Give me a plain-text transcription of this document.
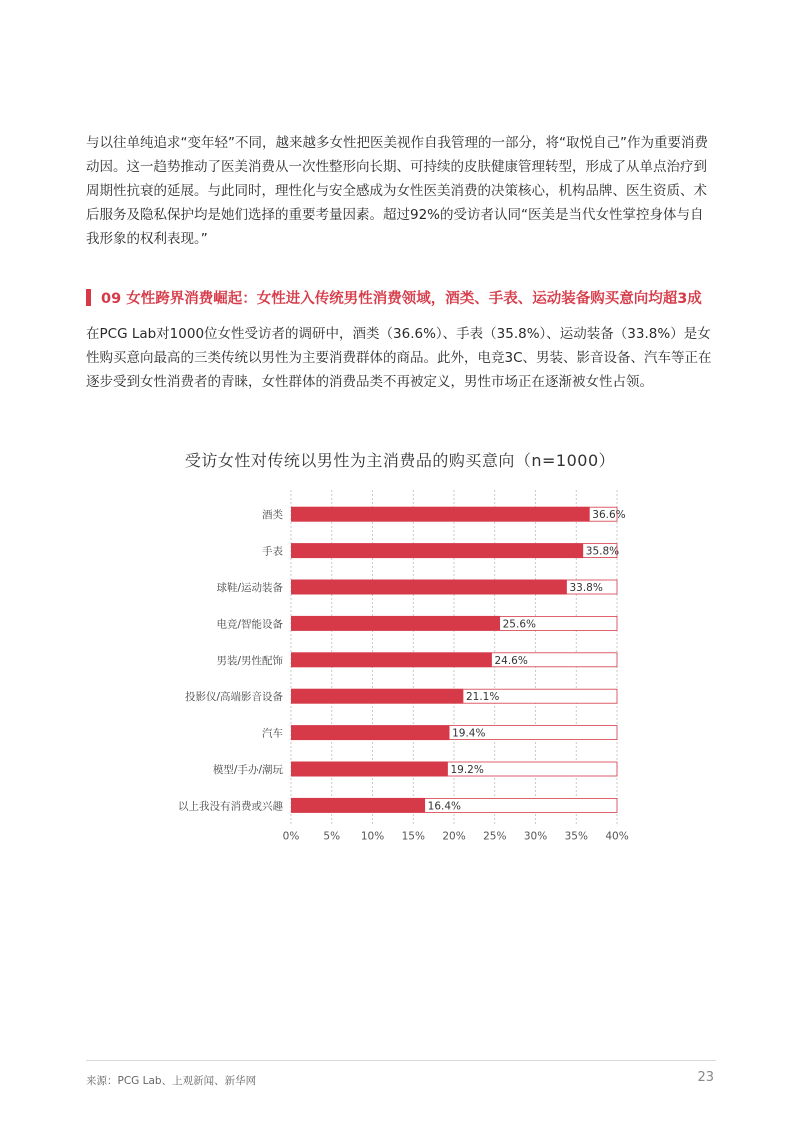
与以往单纯追求“变年轻”不同，越来越多女性把医美视作自我管理的一部分，将“取悦自己”作为重要消费动因。这一趋势推动了医美消费从一次性整形向长期、可持续的皮肤健康管理转型，形成了从单点治疗到周期性抗衰的延展。与此同时，理性化与安全感成为女性医美消费的决策核心，机构品牌、医生资质、术后服务及隐私保护均是她们选择的重要考量因素。超过92%的受访者认同“医美是当代女性掌控身体与自我形象的权利表现。”

09 女性跨界消费崛起：女性进入传统男性消费领域，酒类、手表、运动装备购买意向均超3成

在PCG Lab对1000位女性受访者的调研中，酒类（36.6%）、手表（35.8%）、运动装备（33.8%）是女性购买意向最高的三类传统以男性为主要消费群体的商品。此外，电竞3C、男装、影音设备、汽车等正在逐步受到女性消费者的青睐，女性群体的消费品类不再被定义，男性市场正在逐渐被女性占领。

受访女性对传统以男性为主消费品的购买意向（n=1000）
0% 5% 10% 15% 20% 25% 30% 35% 40%
36.6%
酒类
35.8%
手表
33.8%
球鞋/运动装备
25.6%
电竞/智能设备
24.6%
男装/男性配饰
21.1%
投影仪/高端影音设备
19.4%
汽车
19.2%
模型/手办/潮玩
16.4%
以上我没有消费或兴趣
来源：PCG Lab、上观新闻、新华网	23
